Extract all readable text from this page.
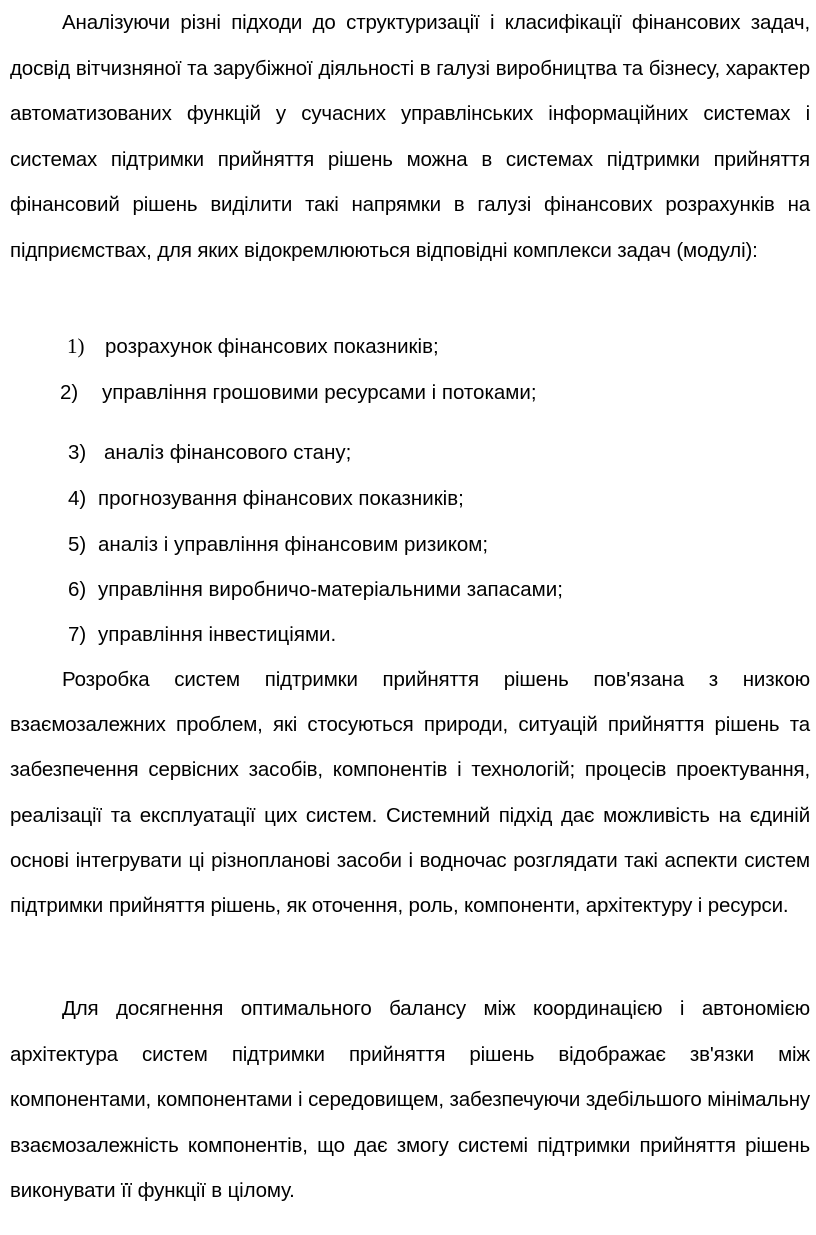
Аналізуючи різні підходи до структуризації і класифікації фінансових задач, досвід вітчизняної та зарубіжної діяльності в галузі виробництва та бізнесу, характер автоматизованих функцій у сучасних управлінських інформаційних системах і системах підтримки прийняття рішень можна в системах підтримки прийняття фінансовий рішень виділити такі напрямки в галузі фінансових розрахунків на підприємствах, для яких відокремлюються відповідні комплекси задач (модулі):

1) розрахунок фінансових показників;
2) управління грошовими ресурсами і потоками;
3) аналіз фінансового стану;
4) прогнозування фінансових показників;
5) аналіз і управління фінансовим ризиком;
6) управління виробничо-матеріальними запасами;
7) управління інвестиціями.

Розробка систем підтримки прийняття рішень пов'язана з низкою взаємозалежних проблем, які стосуються природи, ситуацій прийняття рішень та забезпечення сервісних засобів, компонентів і технологій; процесів проектування, реалізації та експлуатації цих систем. Системний підхід дає можливість на єдиній основі інтегрувати ці різнопланові засоби і водночас розглядати такі аспекти систем підтримки прийняття рішень, як оточення, роль, компоненти, архітектуру і ресурси.

Для досягнення оптимального балансу між координацією і автономією архітектура систем підтримки прийняття рішень відображає зв'язки між компонентами, компонентами і середовищем, забезпечуючи здебільшого мінімальну взаємозалежність компонентів, що дає змогу системі підтримки прийняття рішень виконувати її функції в цілому.
